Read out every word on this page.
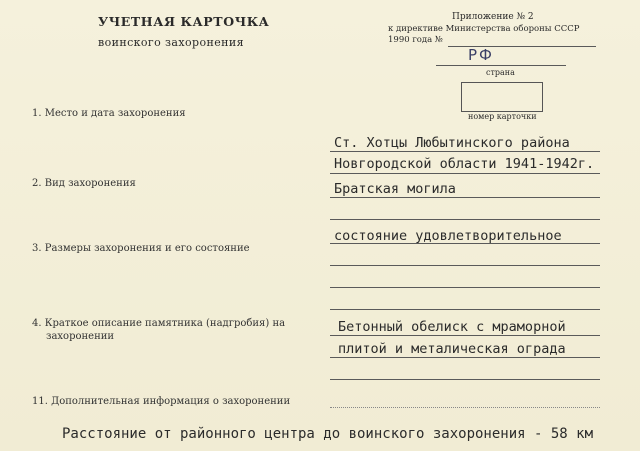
УЧЕТНАЯ КАРТОЧКА
воинского захоронения
Приложение № 2
к директиве Министерства обороны СССР
1990 года №
РФ
страна
номер карточки
1. Место и дата захоронения
Ст. Хотцы Любытинского района
Новгородской области 1941-1942г.
2. Вид захоронения	Братская могила
3. Размеры захоронения и его состояние
состояние удовлетворительное
4. Краткое описание памятника (надгробия) на
захоронении
Бетонный обелиск с мраморной
плитой и металическая ограда
11. Дополнительная информация о захоронении
Расстояние от районного центра до воинского захоронения - 58 км
